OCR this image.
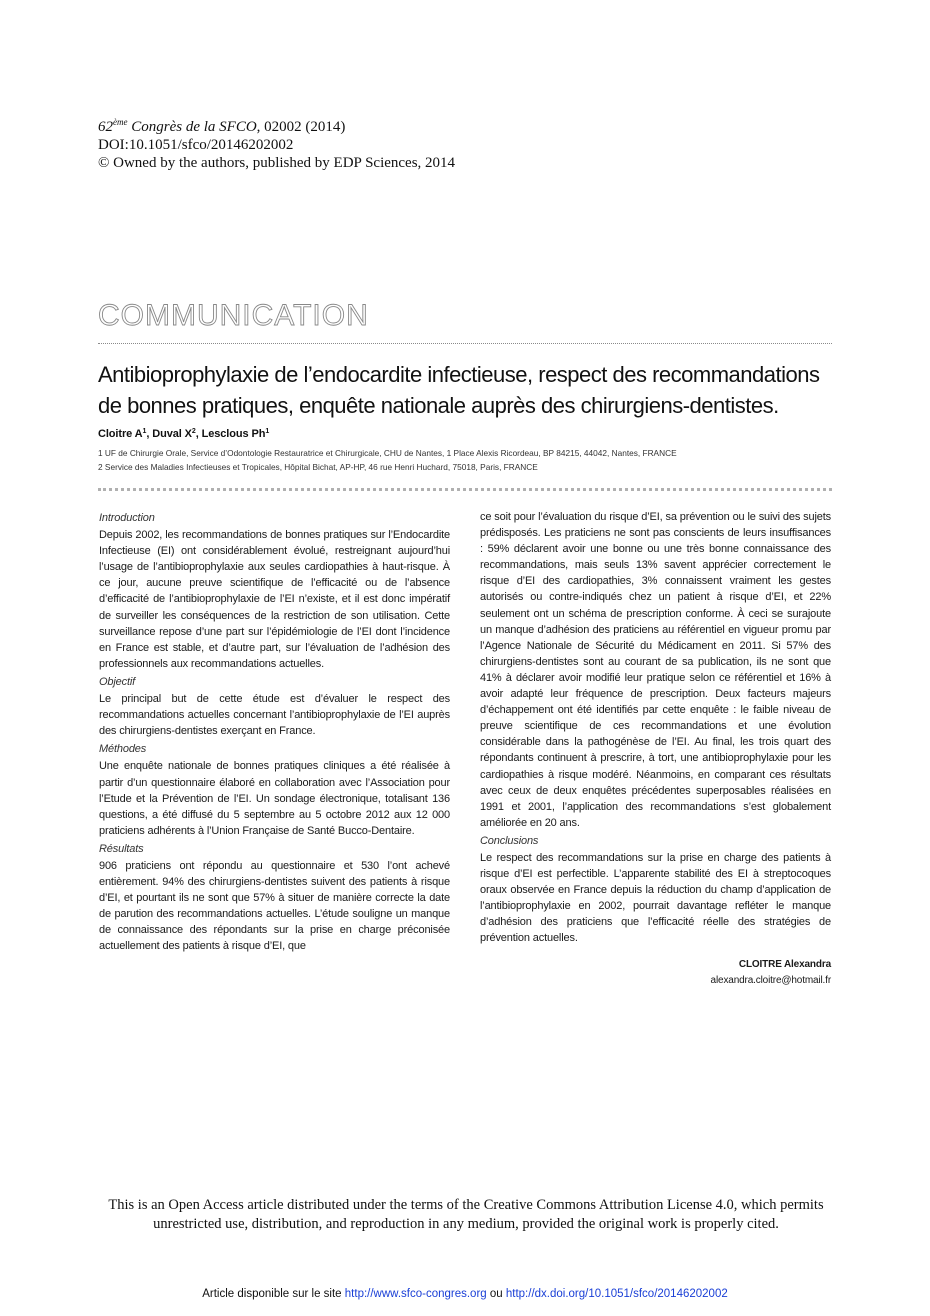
62ème Congrès de la SFCO, 02002 (2014)
DOI:10.1051/sfco/20146202002
© Owned by the authors, published by EDP Sciences, 2014
COMMUNICATION
Antibioprophylaxie de l’endocardite infectieuse, respect des recommandations de bonnes pratiques, enquête nationale auprès des chirurgiens-dentistes.
Cloitre $A^1$, Duval $X^2$, Lesclous Ph$^1$
1 UF de Chirurgie Orale, Service d’Odontologie Restauratrice et Chirurgicale, CHU de Nantes, 1 Place Alexis Ricordeau, BP 84215, 44042, Nantes, FRANCE
2 Service des Maladies Infectieuses et Tropicales, Hôpital Bichat, AP-HP, 46 rue Henri Huchard, 75018, Paris, FRANCE
Introduction

Depuis 2002, les recommandations de bonnes pratiques sur l’Endocardite Infectieuse (EI) ont considérablement évolué, restreignant aujourd’hui l’usage de l’antibioprophylaxie aux seules cardiopathies à haut-risque. À ce jour, aucune preuve scientifique de l’efficacité ou de l’absence d’efficacité de l’antibioprophylaxie de l’EI n’existe, et il est donc impératif de surveiller les conséquences de la restriction de son utilisation. Cette surveillance repose d’une part sur l’épidémiologie de l’EI dont l’incidence en France est stable, et d’autre part, sur l’évaluation de l’adhésion des professionnels aux recommandations actuelles.

Objectif

Le principal but de cette étude est d’évaluer le respect des recommandations actuelles concernant l’antibioprophylaxie de l’EI auprès des chirurgiens-dentistes exerçant en France.

Méthodes

Une enquête nationale de bonnes pratiques cliniques a été réalisée à partir d’un questionnaire élaboré en collaboration avec l’Association pour l’Etude et la Prévention de l’EI. Un sondage électronique, totalisant 136 questions, a été diffusé du 5 septembre au 5 octobre 2012 aux 12 000 praticiens adhérents à l’Union Française de Santé Bucco-Dentaire.

Résultats

906 praticiens ont répondu au questionnaire et 530 l’ont achevé entièrement. 94% des chirurgiens-dentistes suivent des patients à risque d’EI, et pourtant ils ne sont que 57% à situer de manière correcte la date de parution des recommandations actuelles. L’étude souligne un manque de connaissance des répondants sur la prise en charge préconisée actuellement des patients à risque d’EI, que

ce soit pour l’évaluation du risque d’EI, sa prévention ou le suivi des sujets prédisposés. Les praticiens ne sont pas conscients de leurs insuffisances : 59% déclarent avoir une bonne ou une très bonne connaissance des recommandations, mais seuls 13% savent apprécier correctement le risque d’EI des cardiopathies, 3% connaissent vraiment les gestes autorisés ou contre-indiqués chez un patient à risque d’EI, et 22% seulement ont un schéma de prescription conforme. À ceci se surajoute un manque d’adhésion des praticiens au référentiel en vigueur promu par l’Agence Nationale de Sécurité du Médicament en 2011. Si 57% des chirurgiens-dentistes sont au courant de sa publication, ils ne sont que 41% à déclarer avoir modifié leur pratique selon ce référentiel et 16% à avoir adapté leur fréquence de prescription. Deux facteurs majeurs d’échappement ont été identifiés par cette enquête : le faible niveau de preuve scientifique de ces recommandations et une évolution considérable dans la pathogénèse de l’EI. Au final, les trois quart des répondants continuent à prescrire, à tort, une antibioprophylaxie pour les cardiopathies à risque modéré. Néanmoins, en comparant ces résultats avec ceux de deux enquêtes précédentes superposables réalisées en 1991 et 2001, l’application des recommandations s’est globalement améliorée en 20 ans.

Conclusions

Le respect des recommandations sur la prise en charge des patients à risque d’EI est perfectible. L’apparente stabilité des EI à streptocoques oraux observée en France depuis la réduction du champ d’application de l’antibioprophylaxie en 2002, pourrait davantage refléter le manque d’adhésion des praticiens que l’efficacité réelle des stratégies de prévention actuelles.

CLOITRE Alexandra
alexandra.cloitre@hotmail.fr
This is an Open Access article distributed under the terms of the Creative Commons Attribution License 4.0, which permits unrestricted use, distribution, and reproduction in any medium, provided the original work is properly cited.
Article disponible sur le site http://www.sfco-congres.org ou http://dx.doi.org/10.1051/sfco/20146202002
